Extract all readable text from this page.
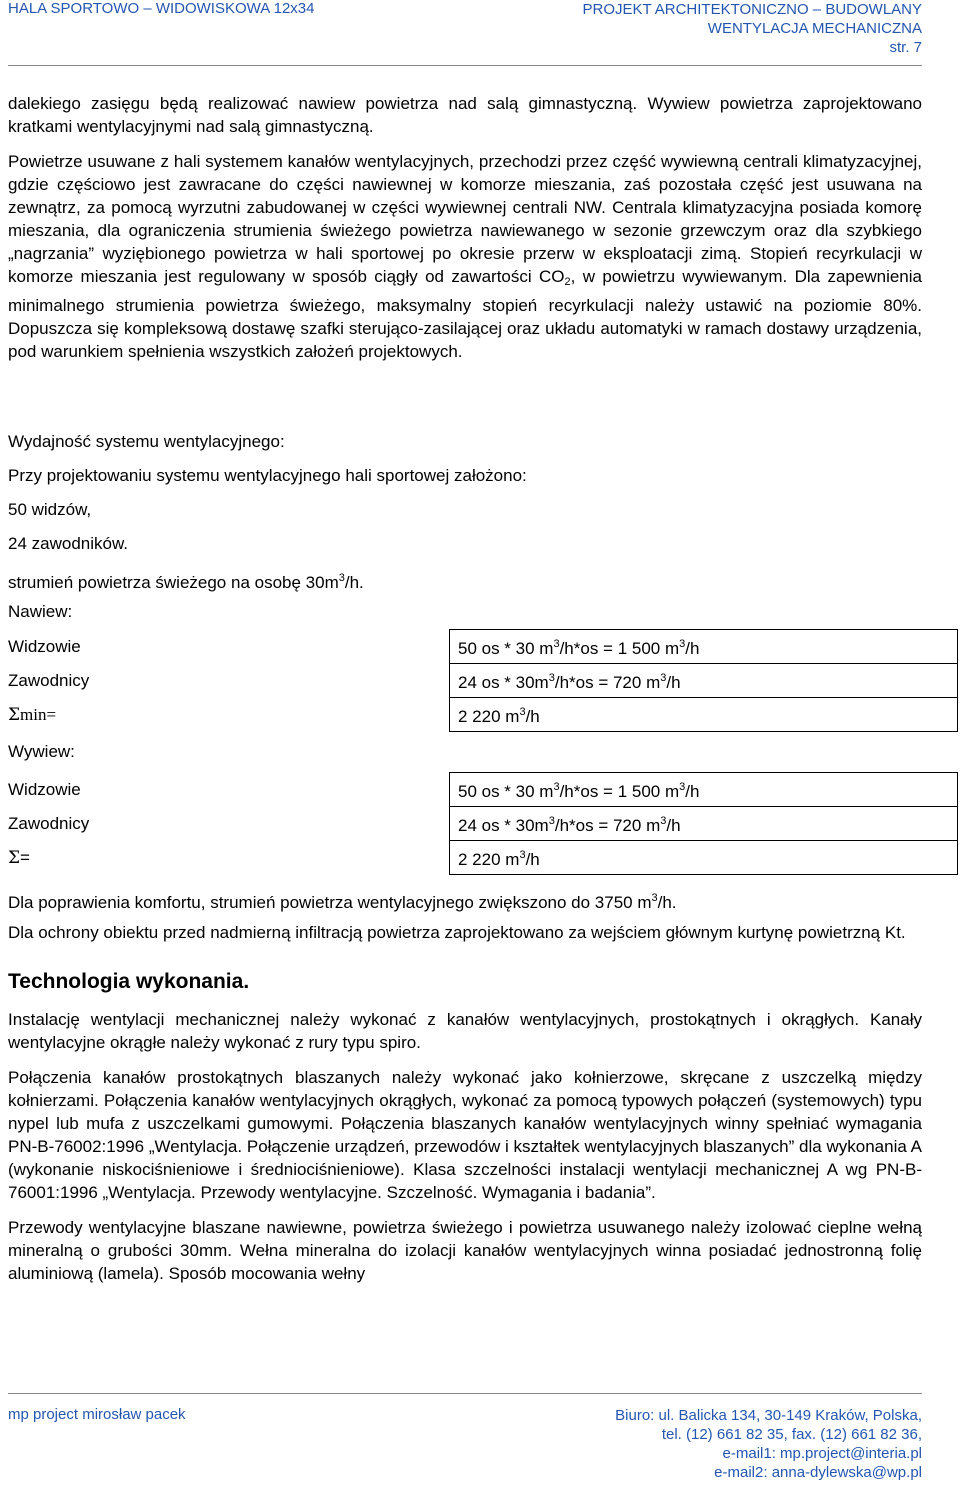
HALA SPORTOWO – WIDOWISKOWA 12x34	PROJEKT ARCHITEKTONICZNO – BUDOWLANY
WENTYLACJA MECHANICZNA
str. 7

dalekiego zasięgu będą realizować nawiew powietrza nad salą gimnastyczną. Wywiew powietrza zaprojektowano kratkami wentylacyjnymi nad salą gimnastyczną.

Powietrze usuwane z hali systemem kanałów wentylacyjnych, przechodzi przez część wywiewną centrali klimatyzacyjnej, gdzie częściowo jest zawracane do części nawiewnej w komorze mieszania, zaś pozostała część jest usuwana na zewnątrz, za pomocą wyrzutni zabudowanej w części wywiewnej centrali NW. Centrala klimatyzacyjna posiada komorę mieszania, dla ograniczenia strumienia świeżego powietrza nawiewanego w sezonie grzewczym oraz dla szybkiego „nagrzania” wyziębionego powietrza w hali sportowej po okresie przerw w eksploatacji zimą. Stopień recyrkulacji w komorze mieszania jest regulowany w sposób ciągły od zawartości $CO_2$, w powietrzu wywiewanym. Dla zapewnienia minimalnego strumienia powietrza świeżego, maksymalny stopień recyrkulacji należy ustawić na poziomie 80%. Dopuszcza się kompleksową dostawę szafki sterująco-zasilającej oraz układu automatyki w ramach dostawy urządzenia, pod warunkiem spełnienia wszystkich założeń projektowych.

Wydajność systemu wentylacyjnego:
Przy projektowaniu systemu wentylacyjnego hali sportowej założono:
50 widzów,
24 zawodników.
strumień powietrza świeżego na osobę $30m^3/h$.
Nawiew:
Widzowie	50 os * 30 $m^3/h*os = 1$ 500 $m^3/h$
Zawodnicy	24 os * $30m^3/h*os = 720$ $m^3/h$
Σmin=	2 220 $m^3/h$
Wywiew:
Widzowie	50 os * 30 $m^3/h*os = 1$ 500 $m^3/h$
Zawodnicy	24 os * $30m^3/h*os = 720$ $m^3/h$
Σ=	2 220 $m^3/h$
Dla poprawienia komfortu, strumień powietrza wentylacyjnego zwiększono do 3750 $m^3/h$.

Dla ochrony obiektu przed nadmierną infiltracją powietrza zaprojektowano za wejściem głównym kurtynę powietrzną Kt.

Technologia wykonania.

Instalację wentylacji mechanicznej należy wykonać z kanałów wentylacyjnych, prostokątnych i okrągłych. Kanały wentylacyjne okrągłe należy wykonać z rury typu spiro.

Połączenia kanałów prostokątnych blaszanych należy wykonać jako kołnierzowe, skręcane z uszczelką między kołnierzami. Połączenia kanałów wentylacyjnych okrągłych, wykonać za pomocą typowych połączeń (systemowych) typu nypel lub mufa z uszczelkami gumowymi. Połączenia blaszanych kanałów wentylacyjnych winny spełniać wymagania PN-B-76002:1996 „Wentylacja. Połączenie urządzeń, przewodów i kształtek wentylacyjnych blaszanych” dla wykonania A (wykonanie niskociśnieniowe i średniociśnieniowe). Klasa szczelności instalacji wentylacji mechanicznej A wg PN-B-76001:1996 „Wentylacja. Przewody wentylacyjne. Szczelność. Wymagania i badania”.

Przewody wentylacyjne blaszane nawiewne, powietrza świeżego i powietrza usuwanego należy izolować cieplne wełną mineralną o grubości 30mm. Wełna mineralna do izolacji kanałów wentylacyjnych winna posiadać jednostronną folię aluminiową (lamela). Sposób mocowania wełny

mp project mirosław pacek	Biuro: ul. Balicka 134, 30-149 Kraków, Polska,
tel. (12) 661 82 35, fax. (12) 661 82 36,
e-mail1: mp.project@interia.pl
e-mail2: anna-dylewska@wp.pl
